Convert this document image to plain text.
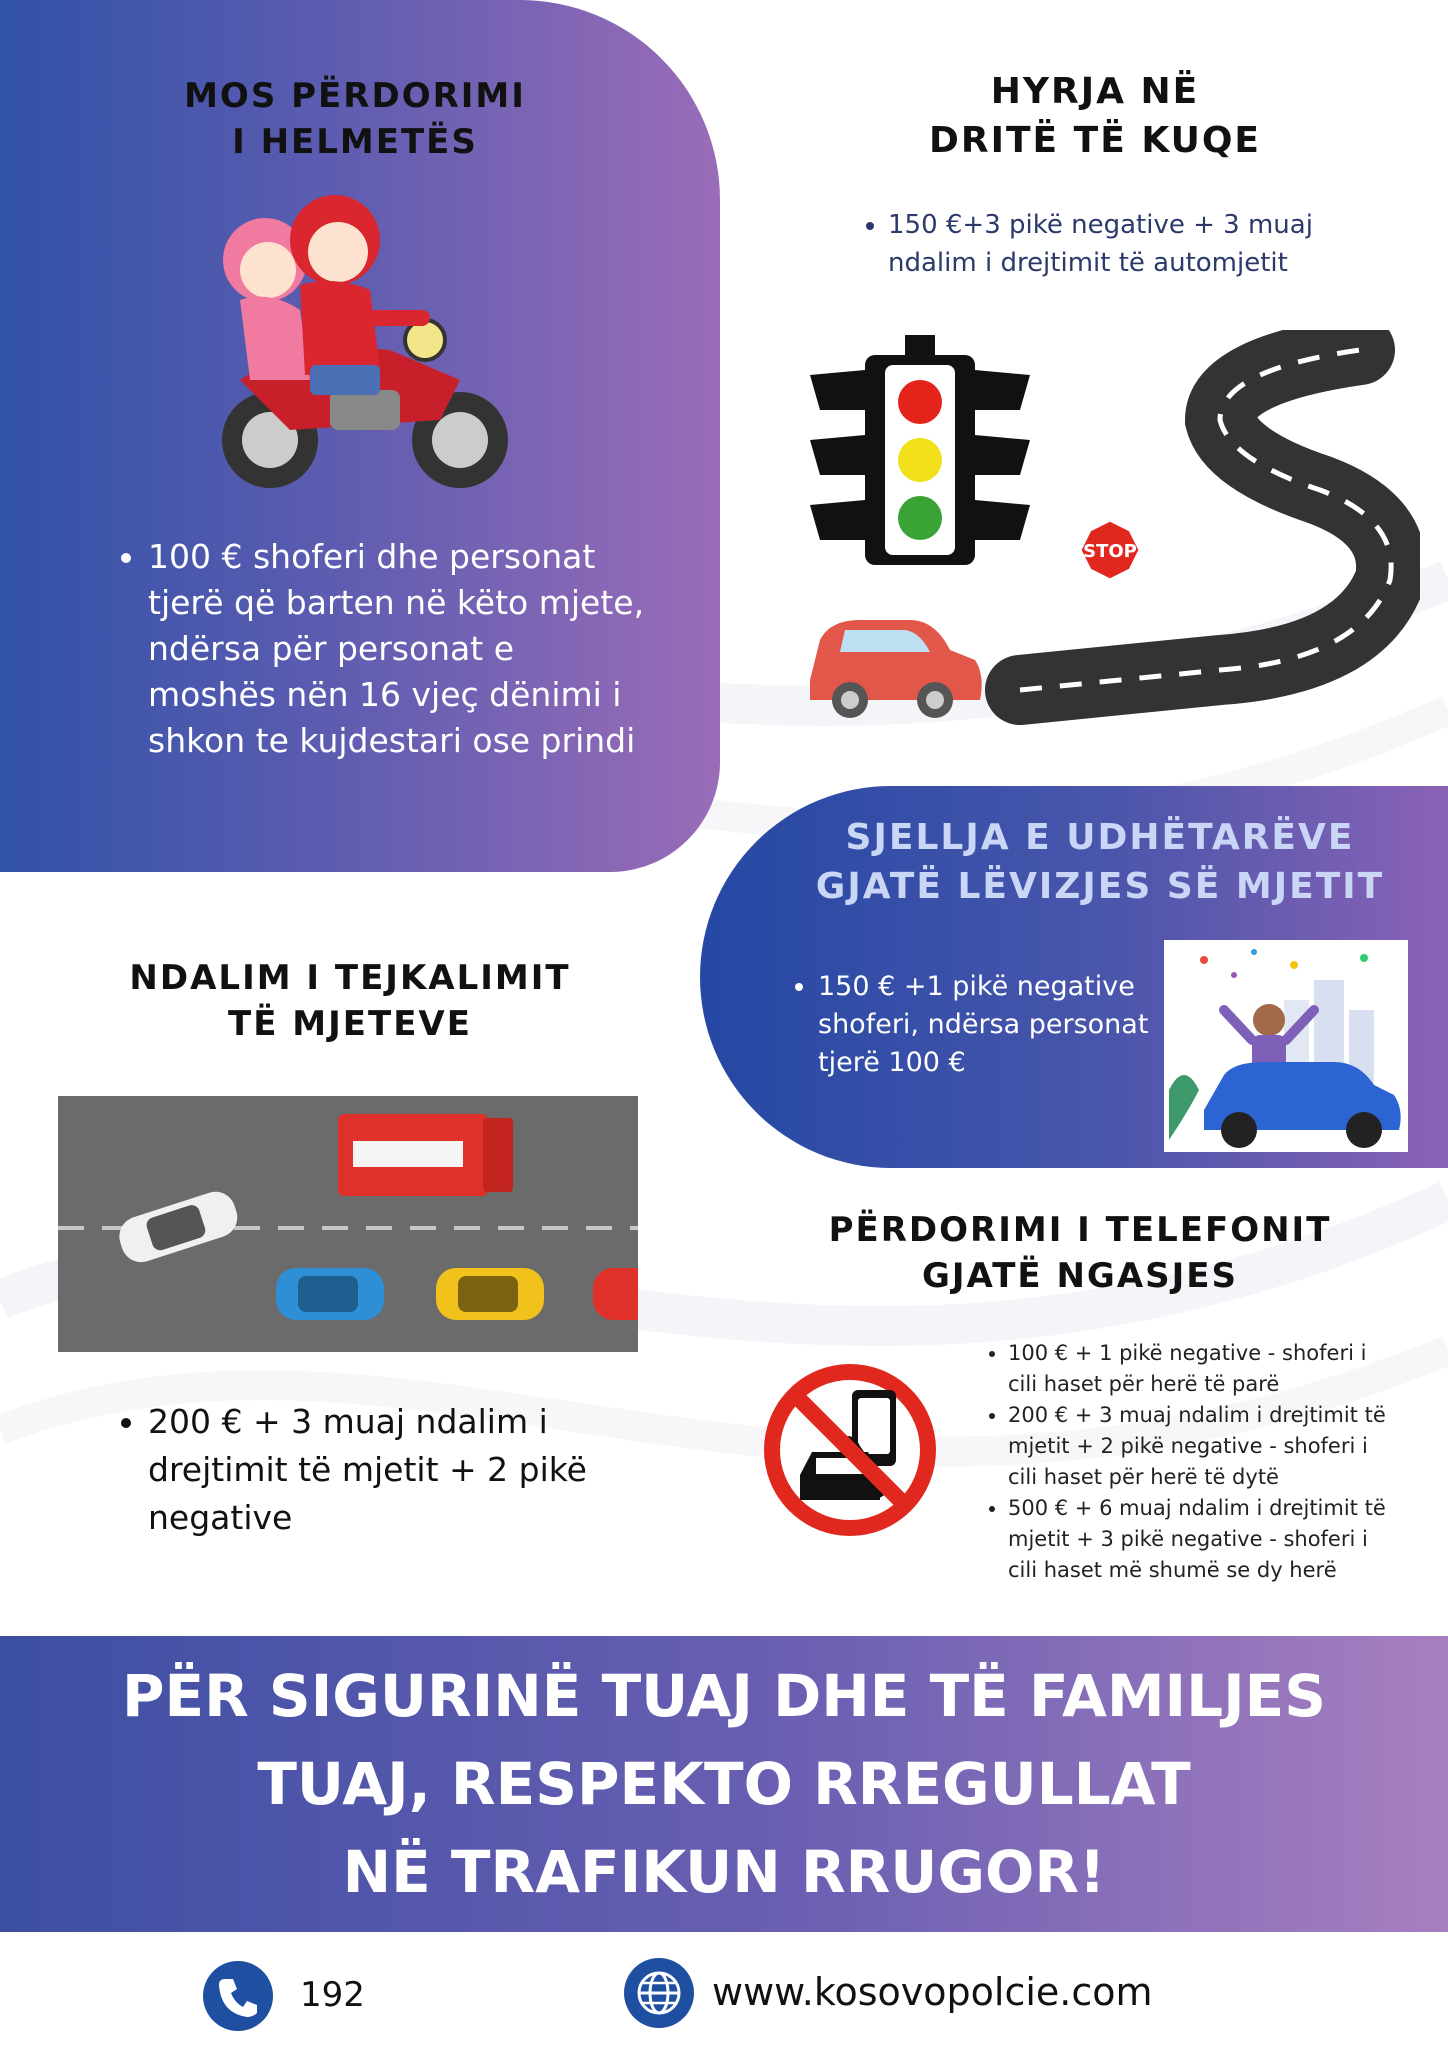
MOS PËRDORIMI
I HELMETËS
• 100 € shoferi dhe personat tjerë që barten në këto mjete, ndërsa për personat e moshës nën 16 vjeç dënimi i shkon te kujdestari ose prindi
HYRJA NË
DRITË TË KUQE
• 150 €+3 pikë negative + 3 muaj ndalim i drejtimit të automjetit
STOP
SJELLJA E UDHËTARËVE
GJATË LËVIZJES SË MJETIT
• 150 € +1 pikë negative shoferi, ndërsa personat tjerë 100 €
NDALIM I TEJKALIMIT
TË MJETEVE
• 200 € + 3 muaj ndalim i drejtimit të mjetit + 2 pikë negative
PËRDORIMI I TELEFONIT
GJATË NGASJES
• 100 € + 1 pikë negative - shoferi i cili haset për herë të parë
• 200 € + 3 muaj ndalim i drejtimit të mjetit + 2 pikë negative - shoferi i cili haset për herë të dytë
• 500 € + 6 muaj ndalim i drejtimit të mjetit + 3 pikë negative - shoferi i cili haset më shumë se dy herë
PËR SIGURINË TUAJ DHE TË FAMILJES
TUAJ, RESPEKTO RREGULLAT
NË TRAFIKUN RRUGOR!
192	www.kosovopolcie.com
